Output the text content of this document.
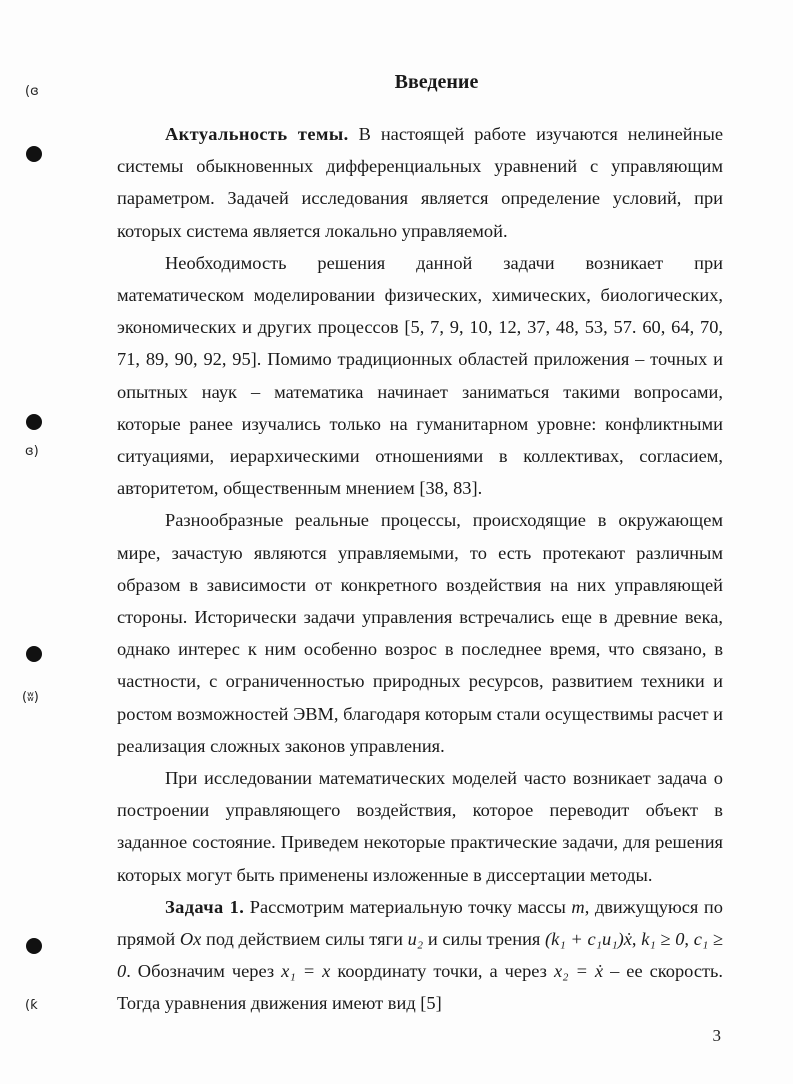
(ɞ
ɞ)
(ʬ)
(ƙ
Введение

Актуальность темы. В настоящей работе изучаются нелинейные системы обыкновенных дифференциальных уравнений с управляющим параметром. Задачей исследования является определение условий, при которых система является локально управляемой.

Необходимость решения данной задачи возникает при математическом моделировании физических, химических, биологических, экономических и других процессов [5, 7, 9, 10, 12, 37, 48, 53, 57. 60, 64, 70, 71, 89, 90, 92, 95]. Помимо традиционных областей приложения – точных и опытных наук – математика начинает заниматься такими вопросами, которые ранее изучались только на гуманитарном уровне: конфликтными ситуациями, иерархическими отношениями в коллективах, согласием, авторитетом, общественным мнением [38, 83].

Разнообразные реальные процессы, происходящие в окружающем мире, зачастую являются управляемыми, то есть протекают различным образом в зависимости от конкретного воздействия на них управляющей стороны. Исторически задачи управления встречались еще в древние века, однако интерес к ним особенно возрос в последнее время, что связано, в частности, с ограниченностью природных ресурсов, развитием техники и ростом возможностей ЭВМ, благодаря которым стали осуществимы расчет и реализация сложных законов управления.

При исследовании математических моделей часто возникает задача о построении управляющего воздействия, которое переводит объект в заданное состояние. Приведем некоторые практические задачи, для решения которых могут быть применены изложенные в диссертации методы.

Задача 1. Рассмотрим материальную точку массы m, движущуюся по прямой Ox под действием силы тяги u₂ и силы трения (k₁ + c₁u₁)ẋ, k₁ ≥ 0, c₁ ≥ 0. Обозначим через x₁ = x координату точки, а через x₂ = ẋ – ее скорость. Тогда уравнения движения имеют вид [5]

3
